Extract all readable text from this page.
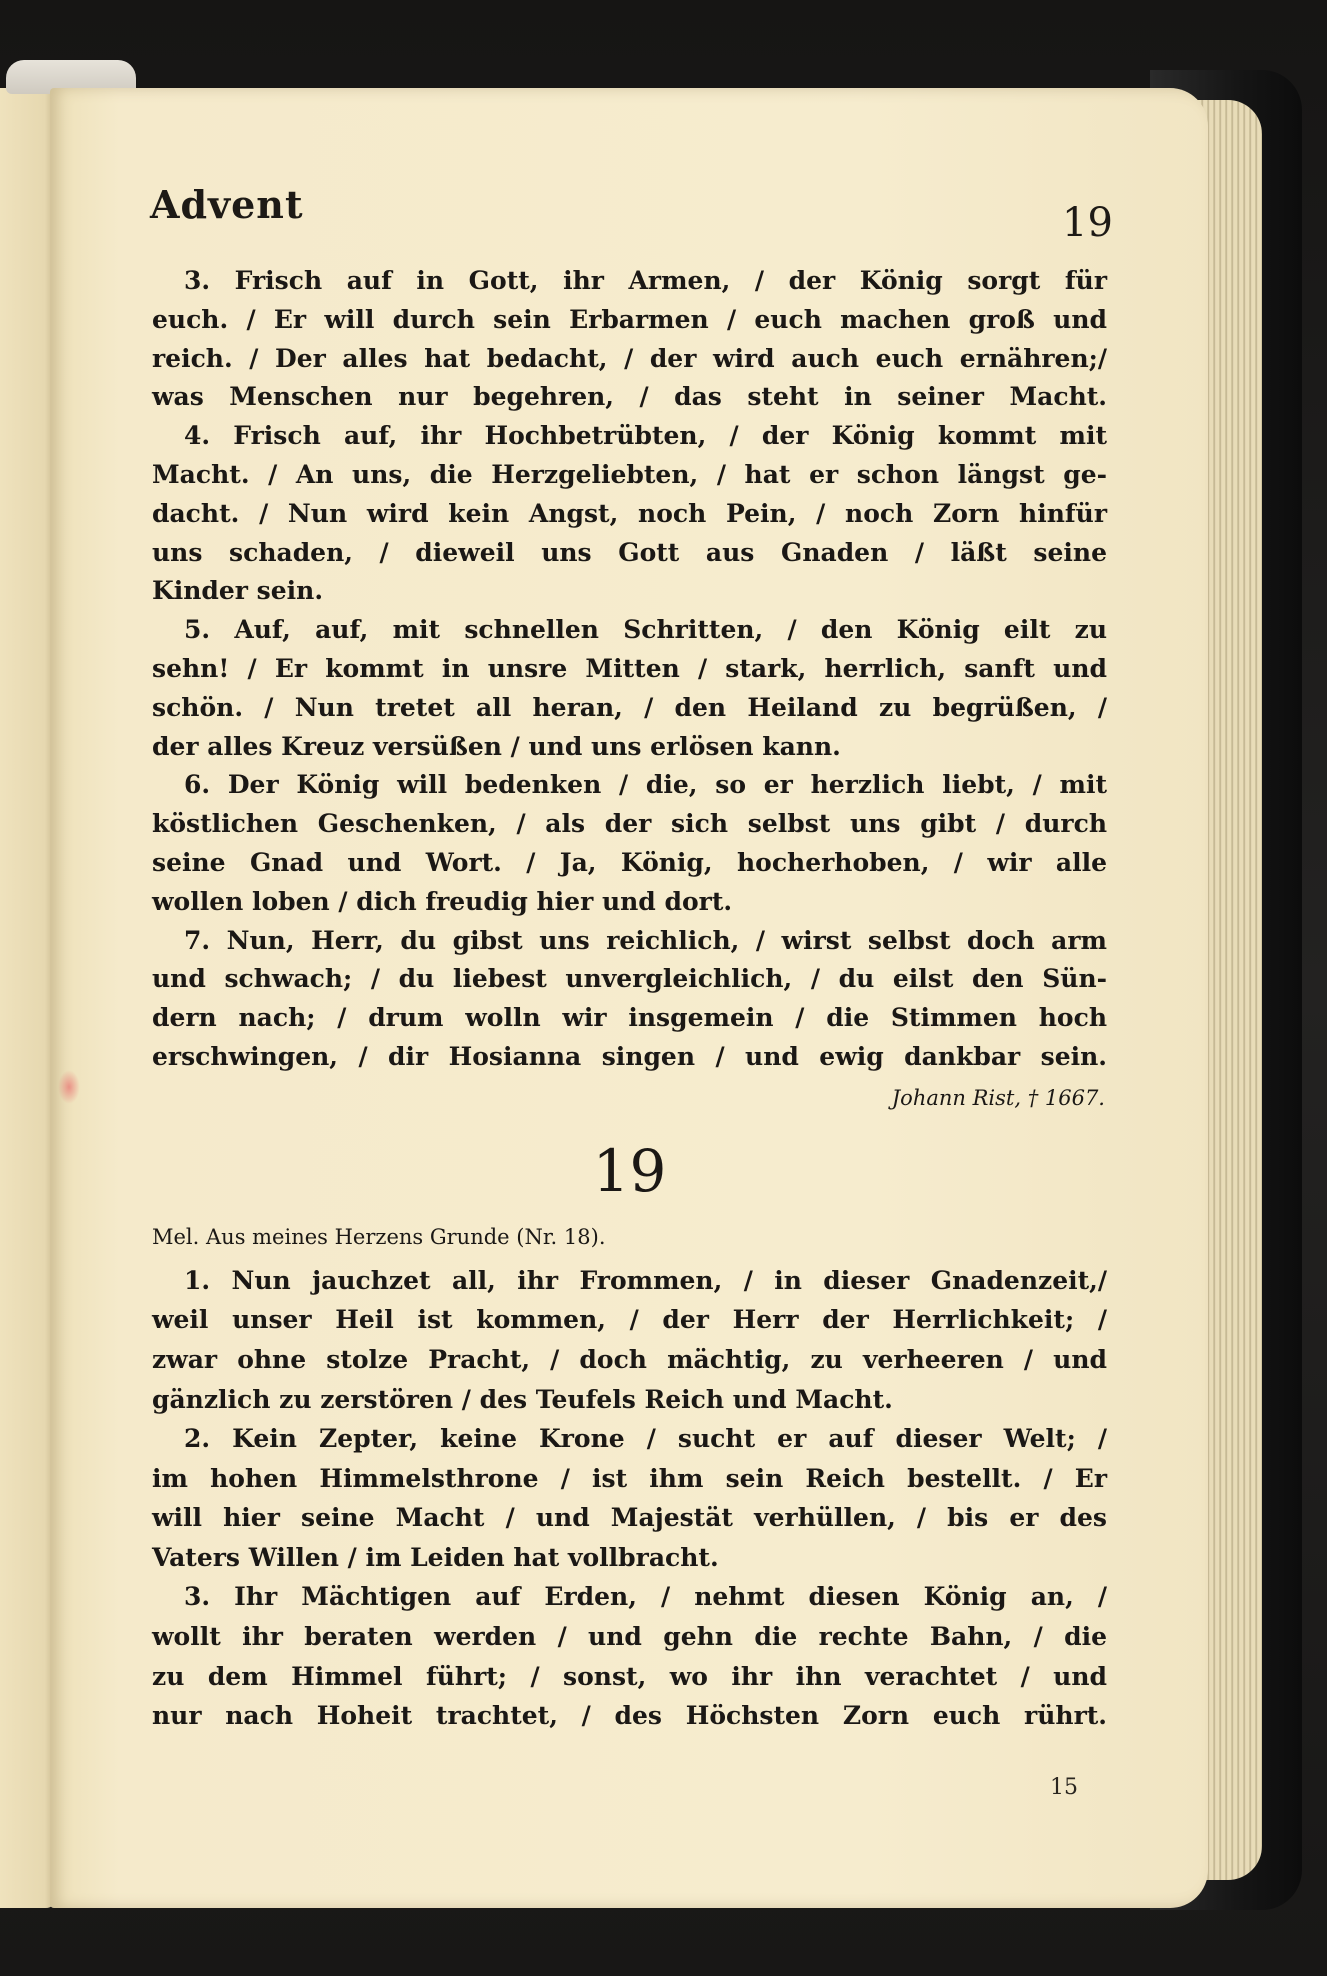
Advent	19
3. Frisch auf in Gott, ihr Armen, / der König sorgt für
euch. / Er will durch sein Erbarmen / euch machen groß und
reich. / Der alles hat bedacht, / der wird auch euch ernähren;/
was Menschen nur begehren, / das steht in seiner Macht.
4. Frisch auf, ihr Hochbetrübten, / der König kommt mit
Macht. / An uns, die Herzgeliebten, / hat er schon längst ge-
dacht. / Nun wird kein Angst, noch Pein, / noch Zorn hinfür
uns schaden, / dieweil uns Gott aus Gnaden / läßt seine
Kinder sein.
5. Auf, auf, mit schnellen Schritten, / den König eilt zu
sehn! / Er kommt in unsre Mitten / stark, herrlich, sanft und
schön. / Nun tretet all heran, / den Heiland zu begrüßen, /
der alles Kreuz versüßen / und uns erlösen kann.
6. Der König will bedenken / die, so er herzlich liebt, / mit
köstlichen Geschenken, / als der sich selbst uns gibt / durch
seine Gnad und Wort. / Ja, König, hocherhoben, / wir alle
wollen loben / dich freudig hier und dort.
7. Nun, Herr, du gibst uns reichlich, / wirst selbst doch arm
und schwach; / du liebest unvergleichlich, / du eilst den Sün-
dern nach; / drum wolln wir insgemein / die Stimmen hoch
erschwingen, / dir Hosianna singen / und ewig dankbar sein.
Johann Rist, † 1667.
19
Mel. Aus meines Herzens Grunde (Nr. 18).
1. Nun jauchzet all, ihr Frommen, / in dieser Gnadenzeit,/
weil unser Heil ist kommen, / der Herr der Herrlichkeit; /
zwar ohne stolze Pracht, / doch mächtig, zu verheeren / und
gänzlich zu zerstören / des Teufels Reich und Macht.
2. Kein Zepter, keine Krone / sucht er auf dieser Welt; /
im hohen Himmelsthrone / ist ihm sein Reich bestellt. / Er
will hier seine Macht / und Majestät verhüllen, / bis er des
Vaters Willen / im Leiden hat vollbracht.
3. Ihr Mächtigen auf Erden, / nehmt diesen König an, /
wollt ihr beraten werden / und gehn die rechte Bahn, / die
zu dem Himmel führt; / sonst, wo ihr ihn verachtet / und
nur nach Hoheit trachtet, / des Höchsten Zorn euch rührt.
15
